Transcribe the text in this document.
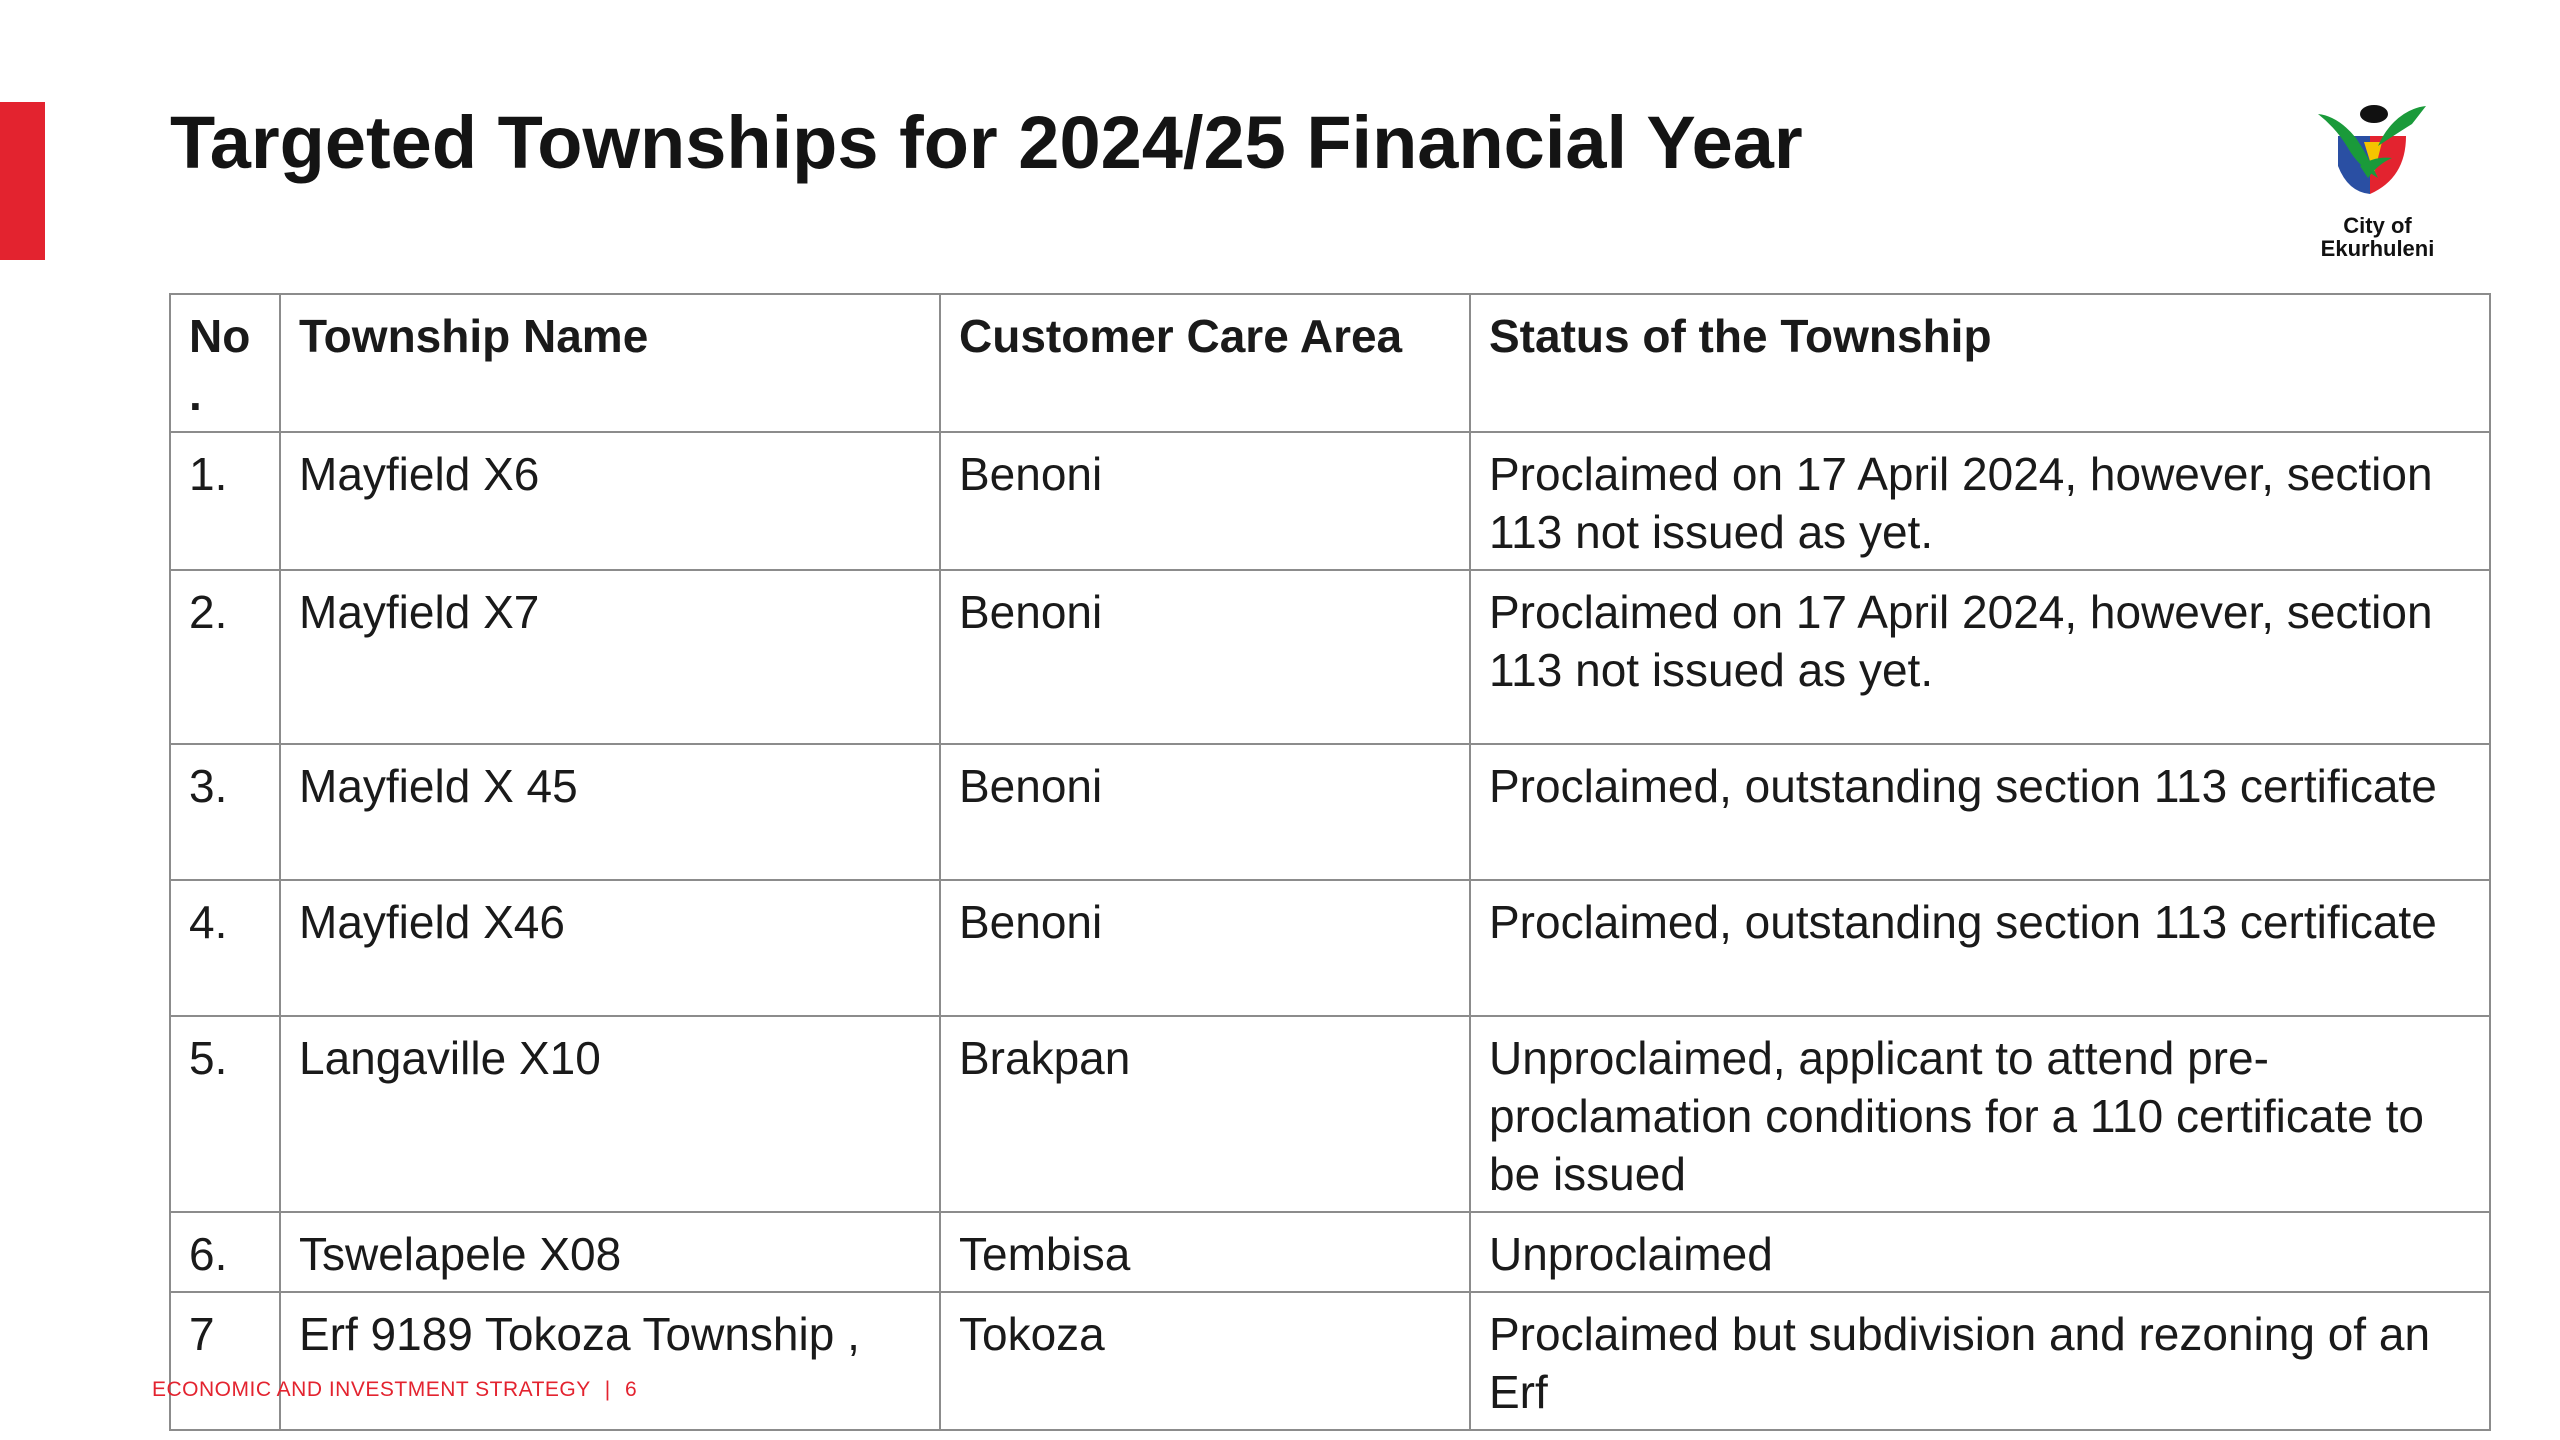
Targeted Townships for 2024/25 Financial Year
City of
Ekurhuleni
No .	Township Name	Customer Care Area	Status of the Township
1.	Mayfield X6	Benoni	Proclaimed on 17 April 2024, however, section 113 not issued as yet.
2.	Mayfield X7	Benoni	Proclaimed on 17 April 2024, however, section 113 not issued as yet.
3.	Mayfield X 45	Benoni	Proclaimed, outstanding section 113 certificate
4.	Mayfield X46	Benoni	Proclaimed, outstanding section 113 certificate
5.	Langaville X10	Brakpan	Unproclaimed, applicant to attend pre-proclamation conditions for a 110 certificate to be issued
6.	Tswelapele X08	Tembisa	Unproclaimed
7	Erf 9189 Tokoza Township ,	Tokoza	Proclaimed but subdivision and rezoning of an Erf
ECONOMIC AND INVESTMENT STRATEGY | 6
